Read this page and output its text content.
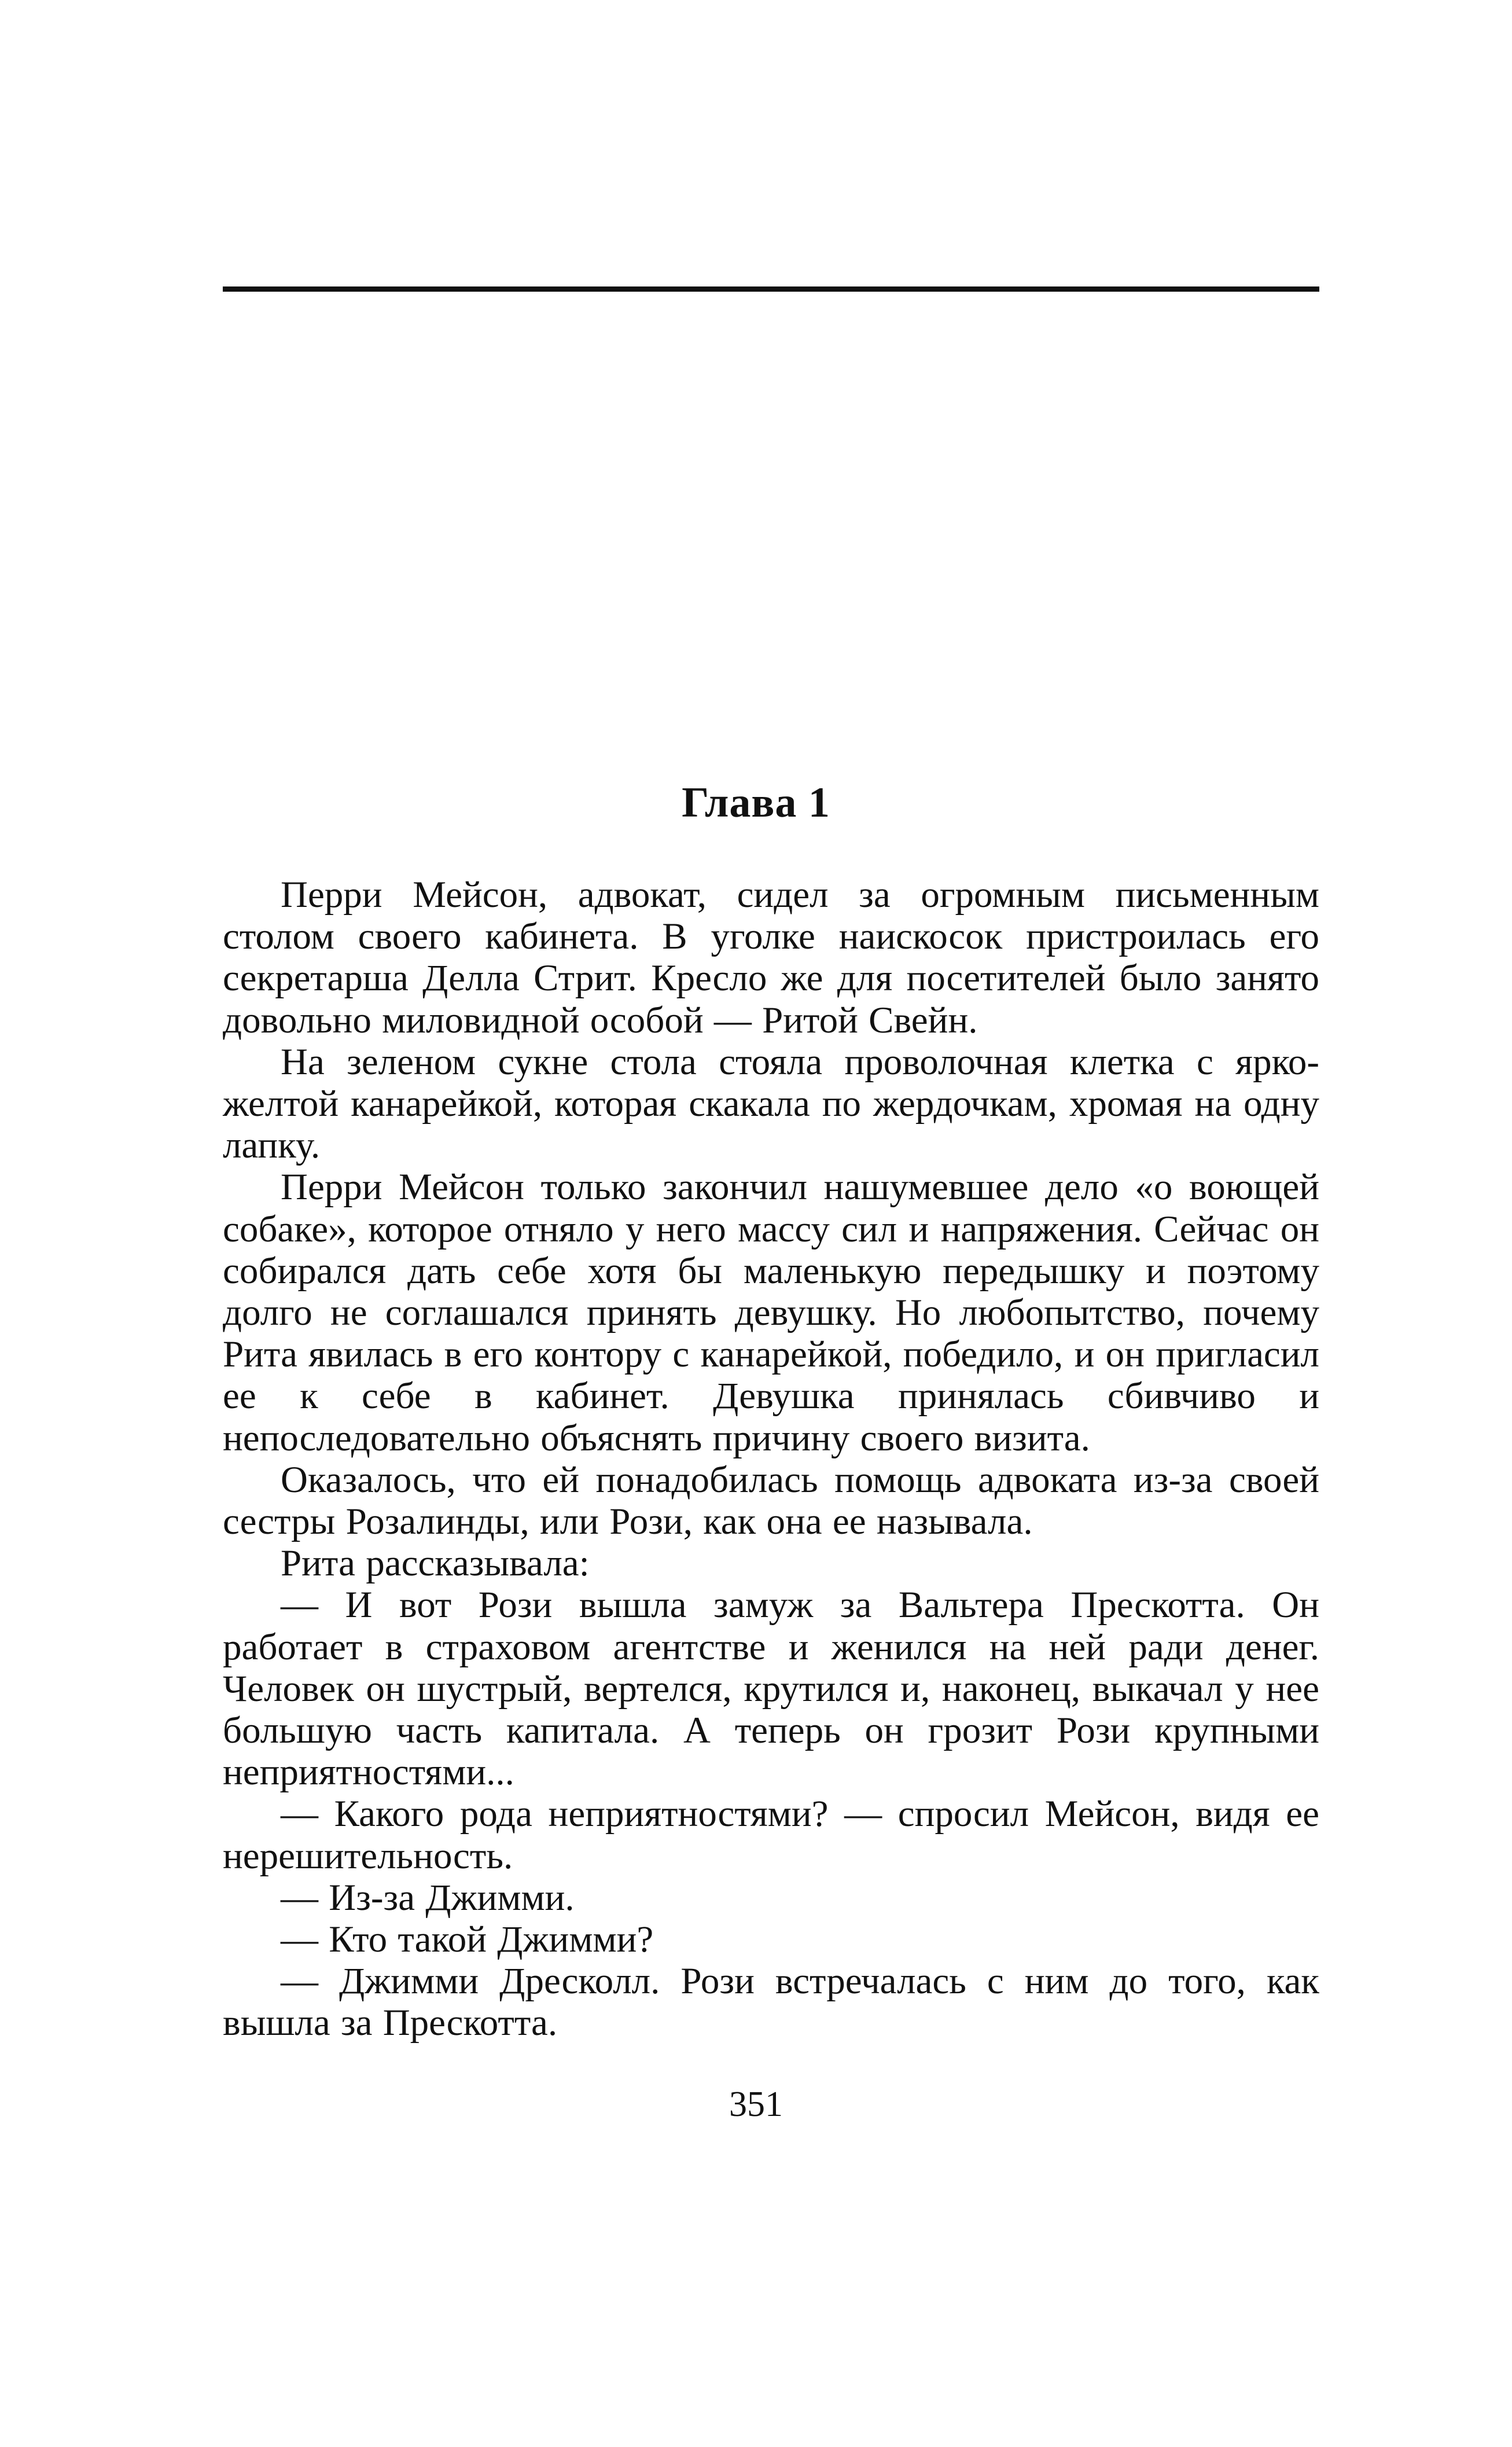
Глава 1

Перри Мейсон, адвокат, сидел за огромным письменным столом своего кабинета. В уголке наискосок пристроилась его секретарша Делла Стрит. Кресло же для посетителей было занято довольно миловидной особой — Ритой Свейн.

На зеленом сукне стола стояла проволочная клетка с ярко-желтой канарейкой, которая скакала по жердочкам, хромая на одну лапку.

Перри Мейсон только закончил нашумевшее дело «о воющей собаке», которое отняло у него массу сил и напряжения. Сейчас он собирался дать себе хотя бы маленькую передышку и поэтому долго не соглашался принять девушку. Но любопытство, почему Рита явилась в его контору с канарейкой, победило, и он пригласил ее к себе в кабинет. Девушка принялась сбивчиво и непоследовательно объяснять причину своего визита.

Оказалось, что ей понадобилась помощь адвоката из-за своей сестры Розалинды, или Рози, как она ее называла.

Рита рассказывала:

— И вот Рози вышла замуж за Вальтера Прескотта. Он работает в страховом агентстве и женился на ней ради денег. Человек он шустрый, вертелся, крутился и, наконец, выкачал у нее большую часть капитала. А теперь он грозит Рози крупными неприятностями...

— Какого рода неприятностями? — спросил Мейсон, видя ее нерешительность.

— Из-за Джимми.

— Кто такой Джимми?

— Джимми Дресколл. Рози встречалась с ним до того, как вышла за Прескотта.

351
